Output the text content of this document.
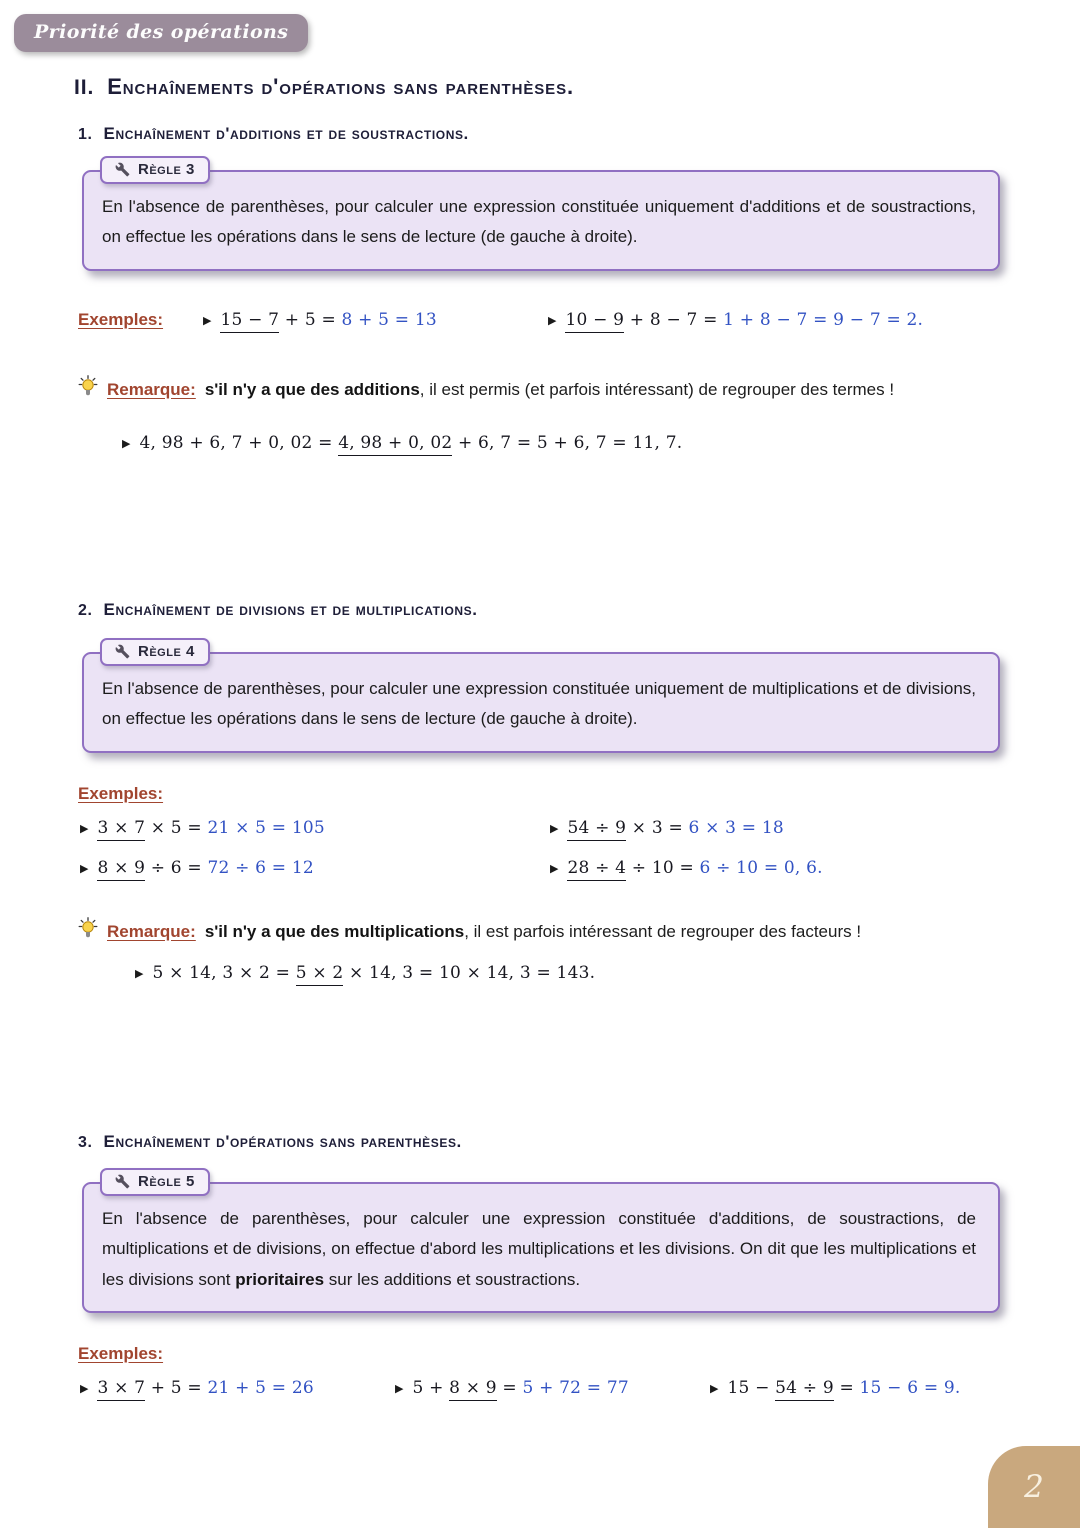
Priorité des opérations
II. Enchaînements d'opérations sans parenthèses.
1. Enchaînement d'additions et de soustractions.
Règle 3
En l'absence de parenthèses, pour calculer une expression constituée uniquement d'additions et de soustractions, on effectue les opérations dans le sens de lecture (de gauche à droite).
Exemples:	▶ 15 − 7 + 5 = 8 + 5 = 13	▶ 10 − 9 + 8 − 7 = 1 + 8 − 7 = 9 − 7 = 2.
Remarque: s'il n'y a que des additions, il est permis (et parfois intéressant) de regrouper des termes !
▶ 4, 98 + 6, 7 + 0, 02 = 4, 98 + 0, 02 + 6, 7 = 5 + 6, 7 = 11, 7.
2. Enchaînement de divisions et de multiplications.
Règle 4
En l'absence de parenthèses, pour calculer une expression constituée uniquement de multiplications et de divisions, on effectue les opérations dans le sens de lecture (de gauche à droite).
Exemples:
▶ 3 × 7 × 5 = 21 × 5 = 105	▶ 54 ÷ 9 × 3 = 6 × 3 = 18
▶ 8 × 9 ÷ 6 = 72 ÷ 6 = 12	▶ 28 ÷ 4 ÷ 10 = 6 ÷ 10 = 0, 6.
Remarque: s'il n'y a que des multiplications, il est parfois intéressant de regrouper des facteurs !
▶ 5 × 14, 3 × 2 = 5 × 2 × 14, 3 = 10 × 14, 3 = 143.
3. Enchaînement d'opérations sans parenthèses.
Règle 5
En l'absence de parenthèses, pour calculer une expression constituée d'additions, de soustractions, de multiplications et de divisions, on effectue d'abord les multiplications et les divisions. On dit que les multiplications et les divisions sont prioritaires sur les additions et soustractions.
Exemples:
▶ 3 × 7 + 5 = 21 + 5 = 26	▶ 5 + 8 × 9 = 5 + 72 = 77	▶ 15 − 54 ÷ 9 = 15 − 6 = 9.
2
